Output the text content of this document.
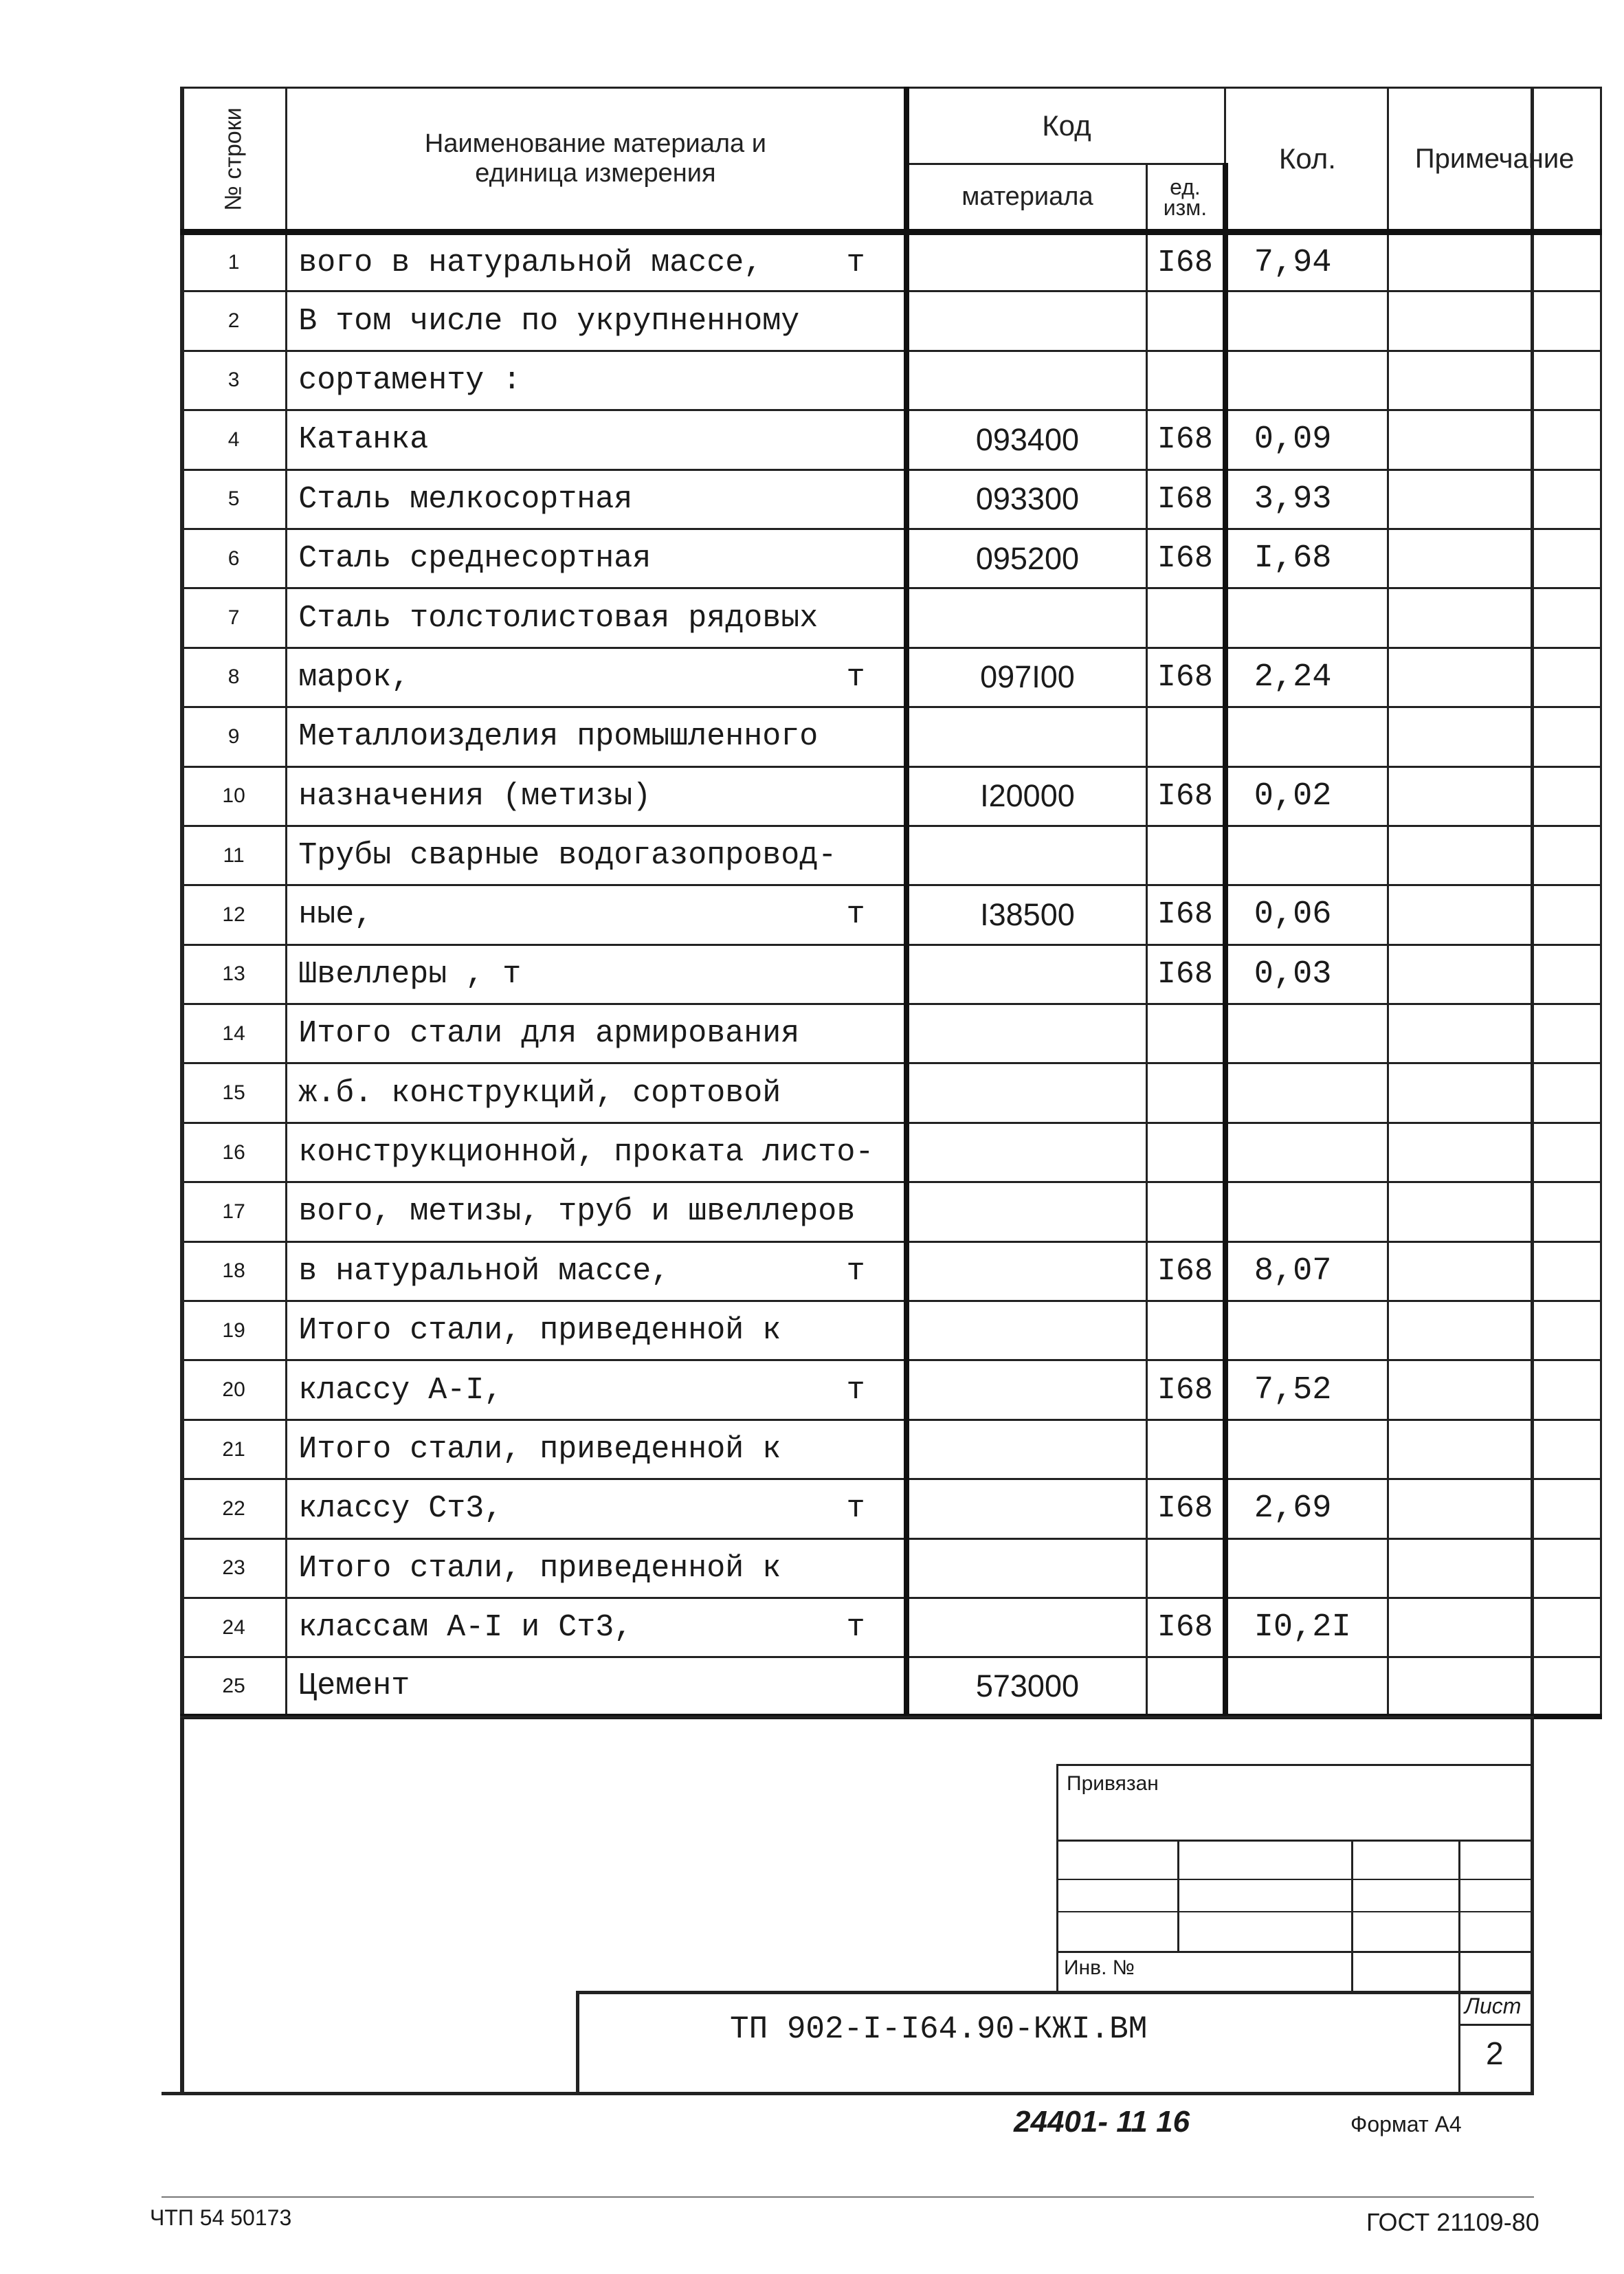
№ строки	Наименование материала и
единица измерения	Код		Кол.	Примечание
		материала	ед.
изм.		

1	вого в натуральной массе, т		I68	7,94	
2	В том числе по укрупненному

3	сортаменту :

4	Катанка	093400	I68	0,09	
5	Сталь мелкосортная	093300	I68	3,93	
6	Сталь среднесортная	095200	I68	I,68	
7	Сталь толстолистовая рядовых

8	марок, т	097I00	I68	2,24	
9	Металлоизделия промышленного

10	назначения (метизы)	I20000	I68	0,02	
11	Трубы сварные водогазопровод-

12	ные, т	I38500	I68	0,06	
13	Швеллеры , т		I68	0,03	
14	Итого стали для армирования

15	ж.б. конструкций, сортовой

16	конструкционной, проката листо-

17	вого, метизы, труб и швеллеров

18	в натуральной массе, т		I68	8,07	
19	Итого стали, приведенной к

20	классу А-I, т		I68	7,52	
21	Итого стали, приведенной к

22	классу Ст3, т		I68	2,69	
23	Итого стали, приведенной к

24	классам А-I и Ст3, т		I68	I0,2I	
25	Цемент	573000			
Привязан
Инв. №
ТП 902-I-I64.90-КЖI.ВМ
Лист
2
24401- 11 16	Формат А4
ЧТП 54 50173	ГОСТ 21109-80
